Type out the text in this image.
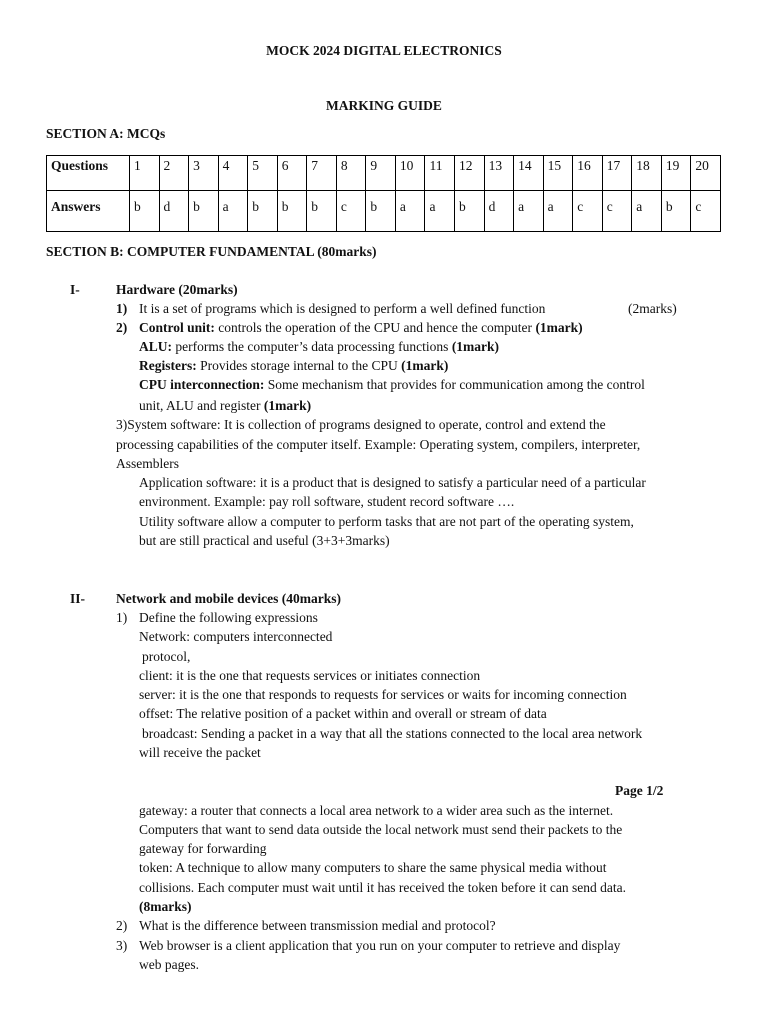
MOCK 2024 DIGITAL ELECTRONICS
MARKING GUIDE
SECTION A: MCQs
Questions	1	2	3	4	5	6	7	8	9	10	11	12	13	14	15	16	17	18	19	20
Answers	b	d	b	a	b	b	b	c	b	a	a	b	d	a	a	c	c	a	b	c
SECTION B: COMPUTER FUNDAMENTAL (80marks)
I-	Hardware (20marks)
1) It is a set of programs which is designed to perform a well defined function	(2marks)
2) Control unit: controls the operation of the CPU and hence the computer (1mark)
ALU: performs the computer’s data processing functions (1mark)
Registers: Provides storage internal to the CPU (1mark)
CPU interconnection: Some mechanism that provides for communication among the control
unit, ALU and register (1mark)
3)System software: It is collection of programs designed to operate, control and extend the
processing capabilities of the computer itself. Example: Operating system, compilers, interpreter,
Assemblers
Application software: it is a product that is designed to satisfy a particular need of a particular
environment. Example: pay roll software, student record software ….
Utility software allow a computer to perform tasks that are not part of the operating system,
but are still practical and useful (3+3+3marks)
II- Network and mobile devices (40marks)
1) Define the following expressions
Network: computers interconnected
protocol,
client: it is the one that requests services or initiates connection
server: it is the one that responds to requests for services or waits for incoming connection
offset: The relative position of a packet within and overall or stream of data
broadcast: Sending a packet in a way that all the stations connected to the local area network
will receive the packet
Page 1/2
gateway: a router that connects a local area network to a wider area such as the internet.
Computers that want to send data outside the local network must send their packets to the
gateway for forwarding
token: A technique to allow many computers to share the same physical media without
collisions. Each computer must wait until it has received the token before it can send data.
(8marks)
2) What is the difference between transmission medial and protocol?
3) Web browser is a client application that you run on your computer to retrieve and display
web pages.
